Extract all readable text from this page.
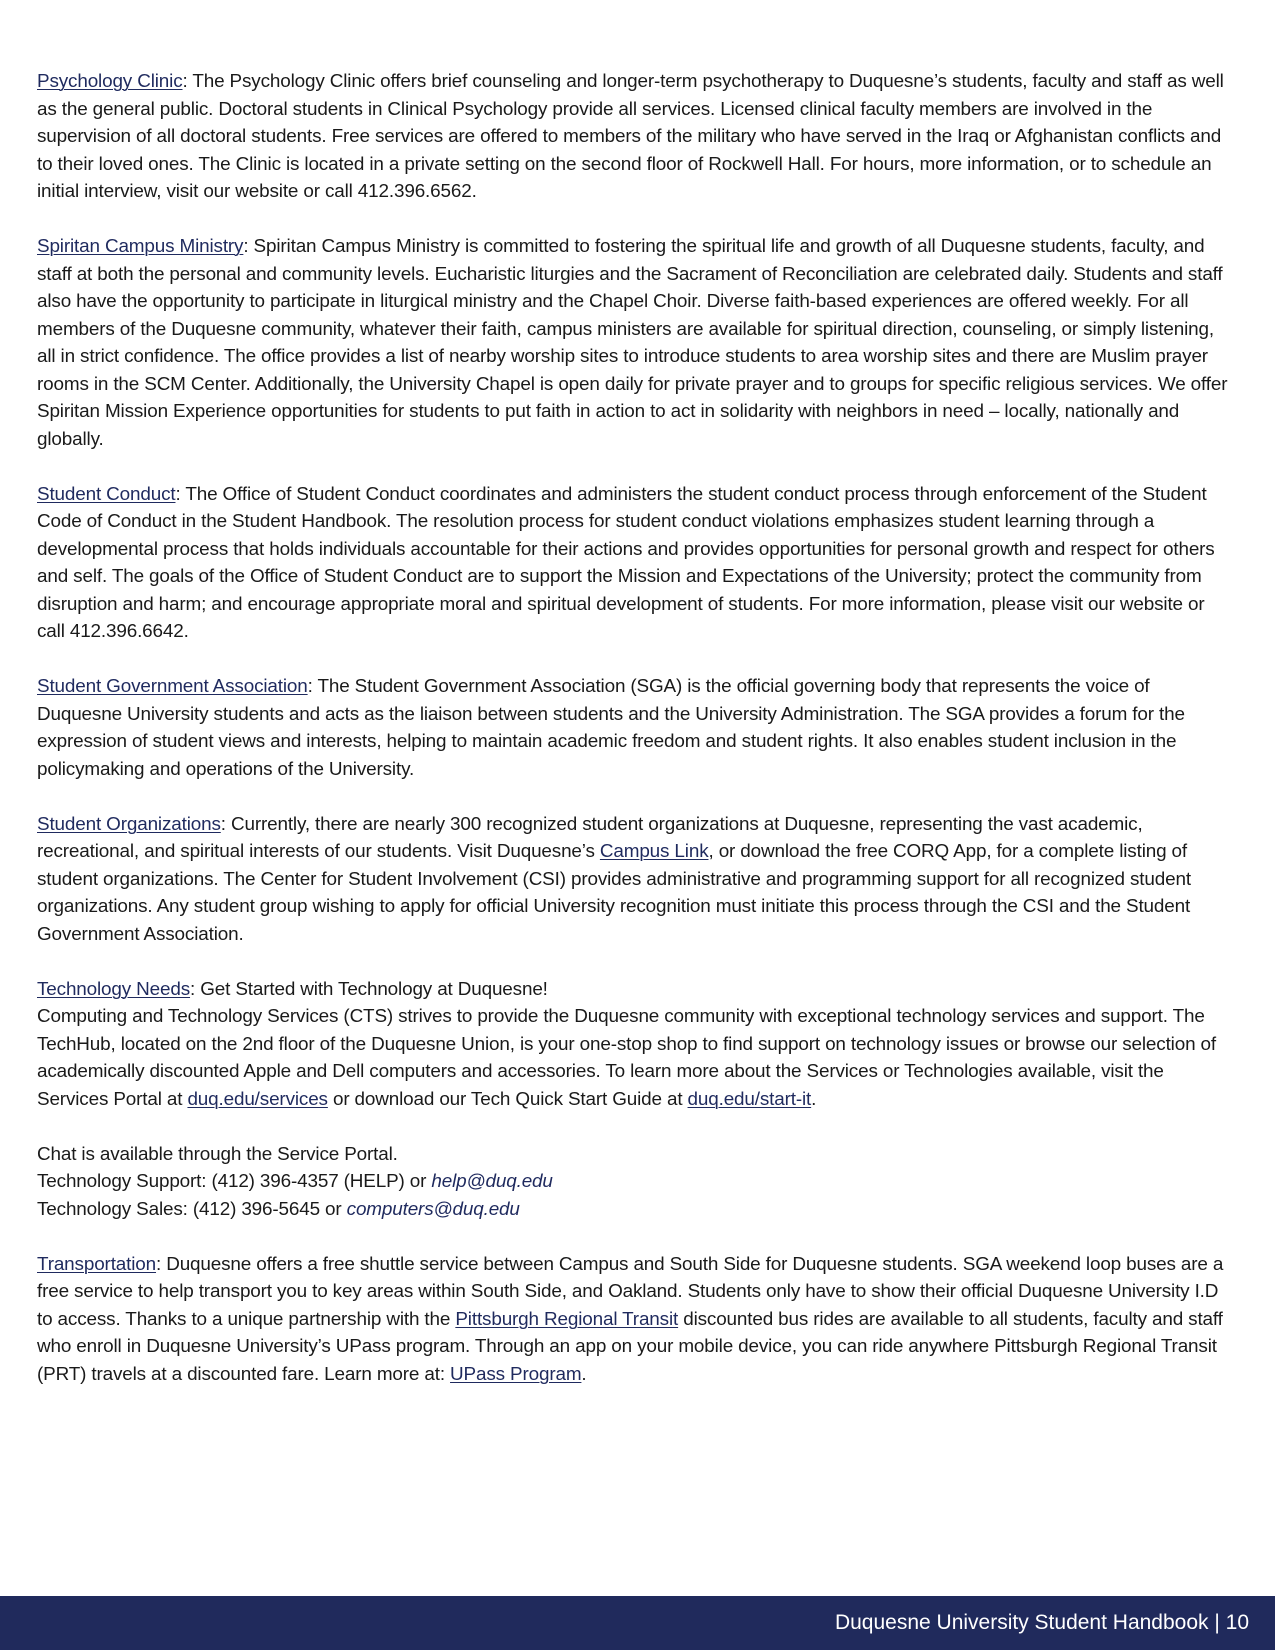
Psychology Clinic: The Psychology Clinic offers brief counseling and longer-term psychotherapy to Duquesne’s students, faculty and staff as well as the general public. Doctoral students in Clinical Psychology provide all services. Licensed clinical faculty members are involved in the supervision of all doctoral students. Free services are offered to members of the military who have served in the Iraq or Afghanistan conflicts and to their loved ones. The Clinic is located in a private setting on the second floor of Rockwell Hall. For hours, more information, or to schedule an initial interview, visit our website or call 412.396.6562.

Spiritan Campus Ministry: Spiritan Campus Ministry is committed to fostering the spiritual life and growth of all Duquesne students, faculty, and staff at both the personal and community levels. Eucharistic liturgies and the Sacrament of Reconciliation are celebrated daily. Students and staff also have the opportunity to participate in liturgical ministry and the Chapel Choir. Diverse faith-based experiences are offered weekly. For all members of the Duquesne community, whatever their faith, campus ministers are available for spiritual direction, counseling, or simply listening, all in strict confidence. The office provides a list of nearby worship sites to introduce students to area worship sites and there are Muslim prayer rooms in the SCM Center. Additionally, the University Chapel is open daily for private prayer and to groups for specific religious services. We offer Spiritan Mission Experience opportunities for students to put faith in action to act in solidarity with neighbors in need – locally, nationally and globally.

Student Conduct: The Office of Student Conduct coordinates and administers the student conduct process through enforcement of the Student Code of Conduct in the Student Handbook. The resolution process for student conduct violations emphasizes student learning through a developmental process that holds individuals accountable for their actions and provides opportunities for personal growth and respect for others and self. The goals of the Office of Student Conduct are to support the Mission and Expectations of the University; protect the community from disruption and harm; and encourage appropriate moral and spiritual development of students. For more information, please visit our website or call 412.396.6642.

Student Government Association: The Student Government Association (SGA) is the official governing body that represents the voice of Duquesne University students and acts as the liaison between students and the University Administration. The SGA provides a forum for the expression of student views and interests, helping to maintain academic freedom and student rights. It also enables student inclusion in the policymaking and operations of the University.

Student Organizations: Currently, there are nearly 300 recognized student organizations at Duquesne, representing the vast academic, recreational, and spiritual interests of our students. Visit Duquesne’s Campus Link, or download the free CORQ App, for a complete listing of student organizations. The Center for Student Involvement (CSI) provides administrative and programming support for all recognized student organizations. Any student group wishing to apply for official University recognition must initiate this process through the CSI and the Student Government Association.

Technology Needs: Get Started with Technology at Duquesne!

Computing and Technology Services (CTS) strives to provide the Duquesne community with exceptional technology services and support. The TechHub, located on the 2nd floor of the Duquesne Union, is your one-stop shop to find support on technology issues or browse our selection of academically discounted Apple and Dell computers and accessories. To learn more about the Services or Technologies available, visit the Services Portal at duq.edu/services or download our Tech Quick Start Guide at duq.edu/start-it.

Chat is available through the Service Portal.

Technology Support: (412) 396-4357 (HELP) or help@duq.edu

Technology Sales: (412) 396-5645 or computers@duq.edu

Transportation: Duquesne offers a free shuttle service between Campus and South Side for Duquesne students. SGA weekend loop buses are a free service to help transport you to key areas within South Side, and Oakland. Students only have to show their official Duquesne University I.D to access. Thanks to a unique partnership with the Pittsburgh Regional Transit discounted bus rides are available to all students, faculty and staff who enroll in Duquesne University’s UPass program. Through an app on your mobile device, you can ride anywhere Pittsburgh Regional Transit (PRT) travels at a discounted fare. Learn more at: UPass Program.

Duquesne University Student Handbook | 10
